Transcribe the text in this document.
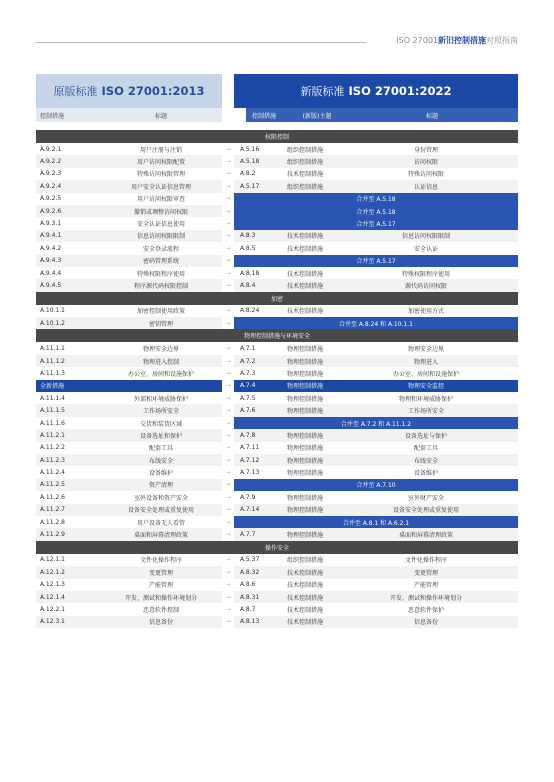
ISO 27001新旧控制措施对照指南
原版标准 ISO 27001:2013	新版标准 ISO 27001:2022
控制措施	标题	控制措施	(新版)主题	标题
权限控制
A.9.2.1	用户注册与注销	→	A.5.16	组织控制措施	身份管理
A.9.2.2	用户访问权限配置	→	A.5.18	组织控制措施	访问权限
A.9.2.3	特殊访问权限管理	→	A.8.2	技术控制措施	特殊访问权限
A.9.2.4	用户安全认证信息管理	→	A.5.17	组织控制措施	认证信息
A.9.2.5	用户访问权限审查	→	合并至 A.5.18
A.9.2.6	撤销或调整访问权限	→	合并至 A.5.18
A.9.3.1	安全认证信息使用	→	合并至 A.5.17
A.9.4.1	信息访问权限限制	→	A.8.3	技术控制措施	信息访问权限限制
A.9.4.2	安全登录流程	→	A.8.5	技术控制措施	安全认证
A.9.4.3	密码管理系统	→	合并至 A.5.17
A.9.4.4	特殊权限程序使用	→	A.8.18	技术控制措施	特殊权限程序使用
A.9.4.5	程序源代码权限控制	→	A.8.4	技术控制措施	源代码访问权限
加密
A.10.1.1	加密控制使用政策	→	A.8.24	技术控制措施	加密使用方式
A.10.1.2	密钥管理	→	合并至 A.8.24 和 A.10.1.1
物理控制措施与环境安全
A.11.1.1	物理安全边界	→	A.7.1	物理控制措施	物理安全边界
A.11.1.2	物理进入控制	→	A.7.2	物理控制措施	物理进入
A.11.1.3	办公室、房间和设施保护	→	A.7.3	物理控制措施	办公室、房间和设施保护
全新措施	→	A.7.4	物理控制措施	物理安全监控
A.11.1.4	外部和环境威胁保护	→	A.7.5	物理控制措施	物理和环境威胁保护
A.11.1.5	工作场所安全	→	A.7.6	物理控制措施	工作场所安全
A.11.1.6	交货和装货区域	→	合并至 A.7.2 和 A.11.1.2
A.11.2.1	设备选址和保护	→	A.7.8	物理控制措施	设备选址与保护
A.11.2.2	配套工具	→	A.7.11	物理控制措施	配套工具
A.11.2.3	布线安全	→	A.7.12	物理控制措施	布线安全
A.11.2.4	设备维护	→	A.7.13	物理控制措施	设备维护
A.11.2.5	资产清理	→	合并至 A.7.10
A.11.2.6	室外设备和资产安全	→	A.7.9	物理控制措施	室外财产安全
A.11.2.7	设备安全处理或重复使用	→	A.7.14	物理控制措施	设备安全处理或重复使用
A.11.2.8	用户设备无人看管	→	合并至 A.8.1 和 A.6.2.1
A.11.2.9	桌面和屏幕清理政策	→	A.7.7	物理控制措施	桌面和屏幕清理政策
操作安全
A.12.1.1	文件化操作程序	→	A.5.37	组织控制措施	文件化操作程序
A.12.1.2	变更管理	→	A.8.32	技术控制措施	变更管理
A.12.1.3	产能管理	→	A.8.6	技术控制措施	产能管理
A.12.1.4	开发、测试和操作环境划分	→	A.8.31	技术控制措施	开发、测试和操作环境划分
A.12.2.1	恶意软件控制	→	A.8.7	技术控制措施	恶意软件保护
A.12.3.1	信息备份	→	A.8.13	技术控制措施	信息备份
